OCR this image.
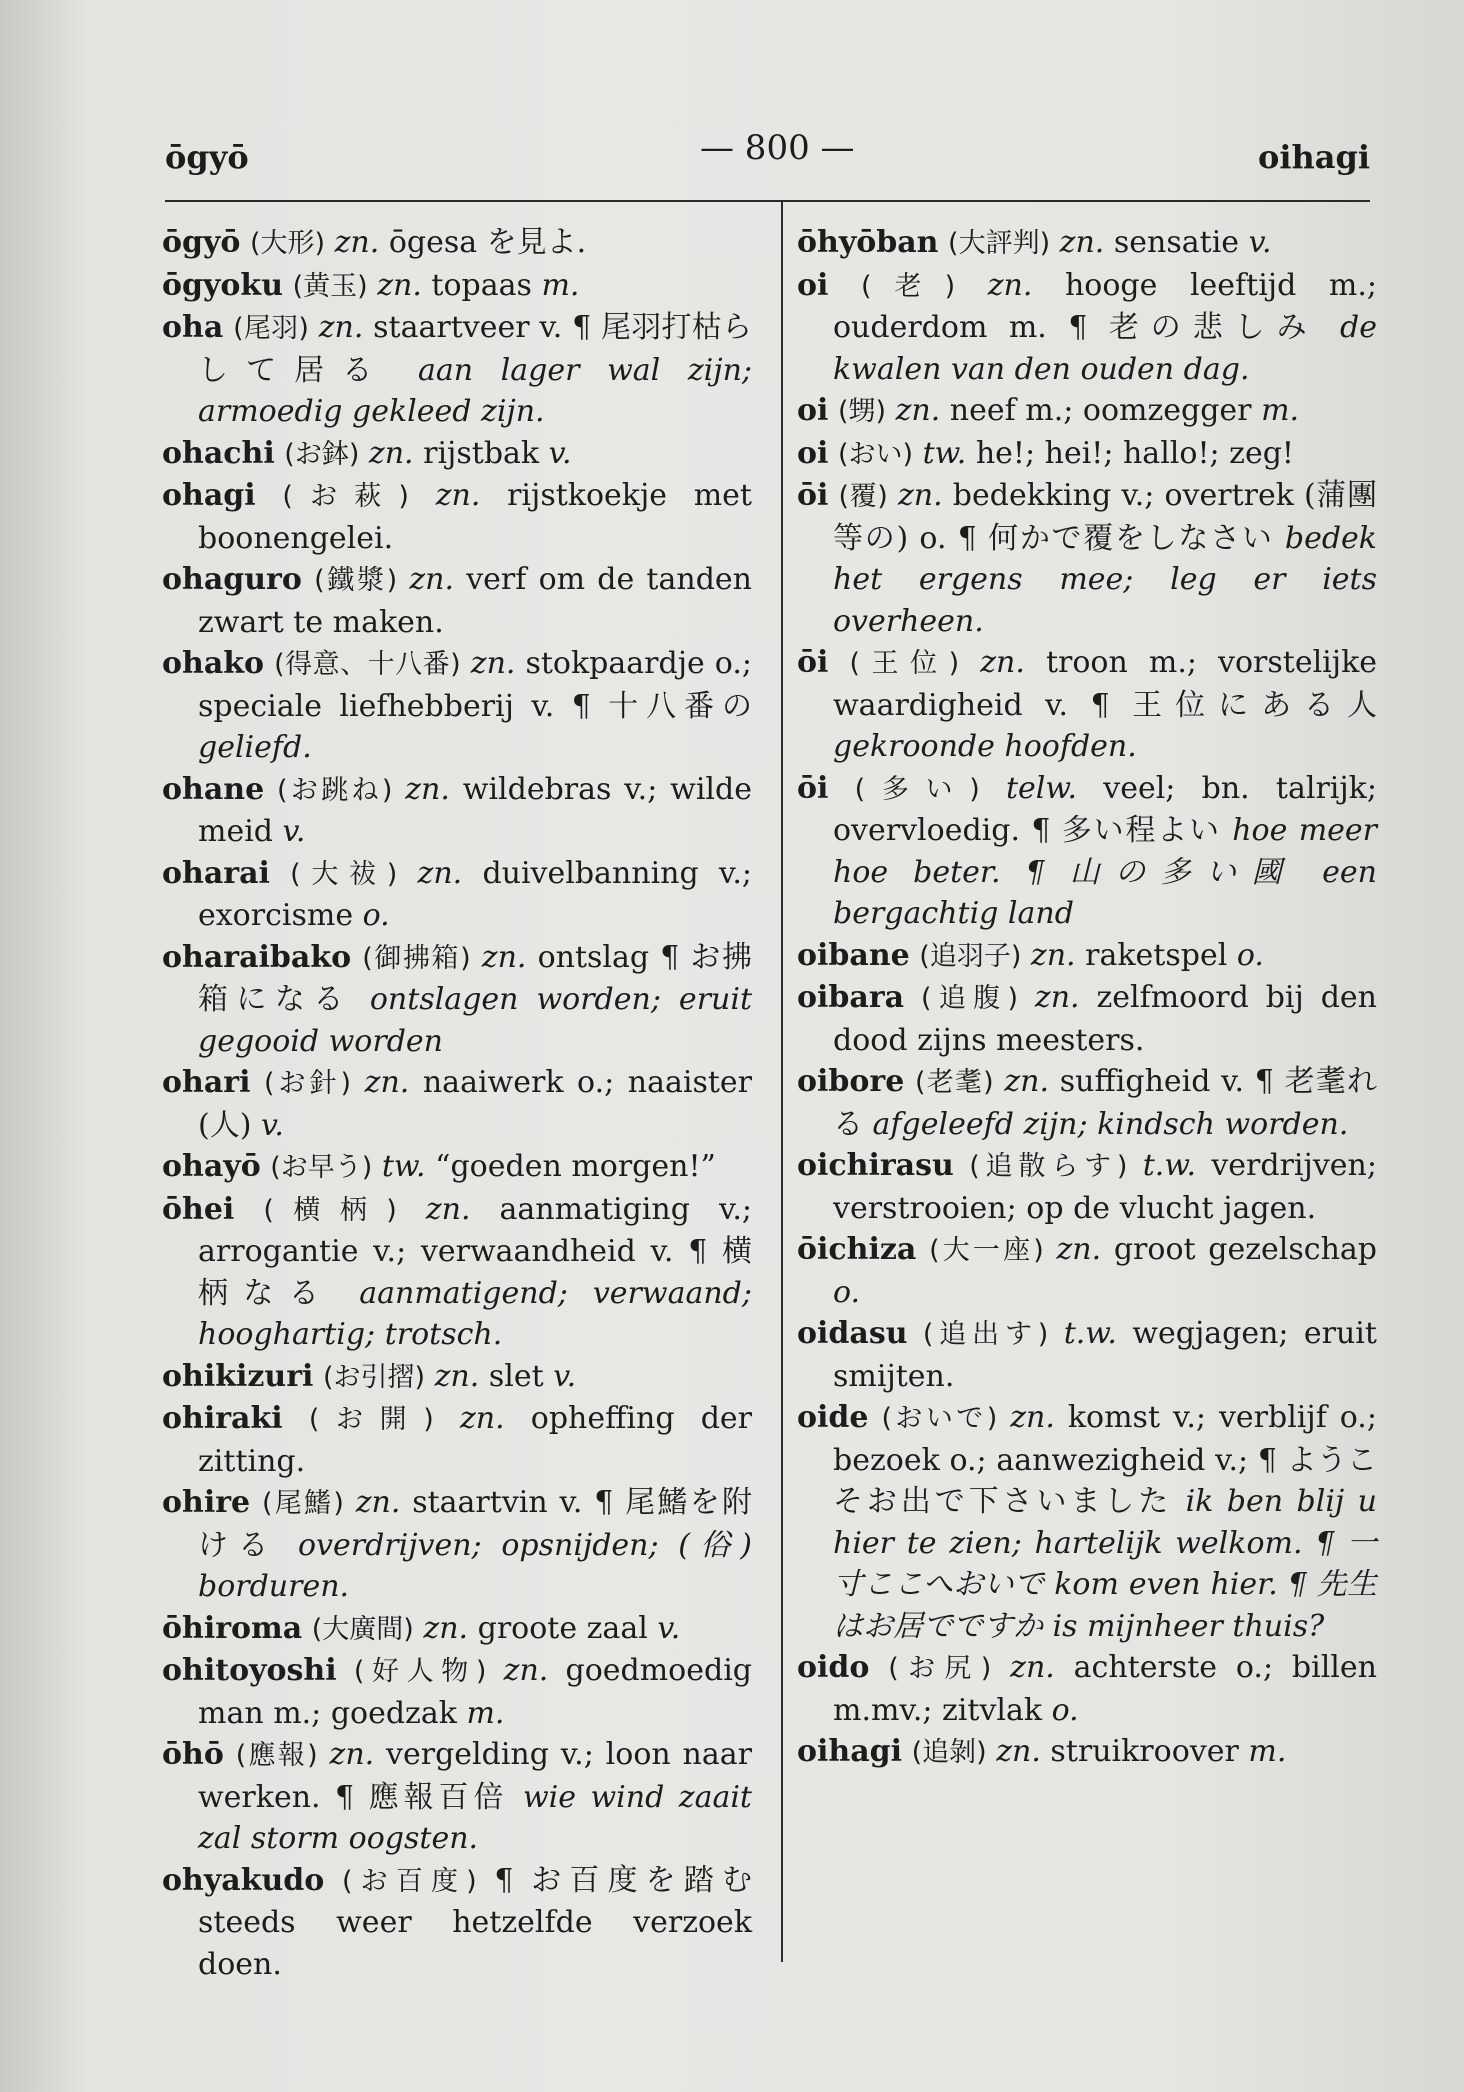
ōgyō	— 800 —	oihagi
ōgyō (大形) zn. ōgesa を見よ.
ōgyoku (黄玉) zn. topaas m.
oha (尾羽) zn. staartveer v. ¶ 尾羽打枯らして居る aan lager wal zijn; armoedig gekleed zijn.
ohachi (お鉢) zn. rijstbak v.
ohagi (お萩) zn. rijstkoekje met boonengelei.
ohaguro (鐵漿) zn. verf om de tanden zwart te maken.
ohako (得意、十八番) zn. stokpaardje o.; speciale liefhebberij v. ¶ 十八番の geliefd.
ohane (お跳ね) zn. wildebras v.; wilde meid v.
oharai (大祓) zn. duivelbanning v.; exorcisme o.
oharaibako (御拂箱) zn. ontslag ¶ お拂箱になる ontslagen worden; eruit gegooid worden
ohari (お針) zn. naaiwerk o.; naaister (人) v.
ohayō (お早う) tw. “goeden morgen!”
ōhei (横柄) zn. aanmatiging v.; arrogantie v.; verwaandheid v. ¶ 横柄なる aanmatigend; verwaand; hooghartig; trotsch.
ohikizuri (お引摺) zn. slet v.
ohiraki (お開) zn. opheffing der zitting.
ohire (尾鰭) zn. staartvin v. ¶ 尾鰭を附ける overdrijven; opsnijden; (俗) borduren.
ōhiroma (大廣間) zn. groote zaal v.
ohitoyoshi (好人物) zn. goedmoedig man m.; goedzak m.
ōhō (應報) zn. vergelding v.; loon naar werken. ¶ 應報百倍 wie wind zaait zal storm oogsten.
ohyakudo (お百度) ¶ お百度を踏む steeds weer hetzelfde verzoek doen.
ōhyōban (大評判) zn. sensatie v.
oi (老) zn. hooge leeftijd m.; ouderdom m. ¶ 老の悲しみ de kwalen van den ouden dag.
oi (甥) zn. neef m.; oomzegger m.
oi (おい) tw. he!; hei!; hallo!; zeg!
ōi (覆) zn. bedekking v.; overtrek (蒲團等の) o. ¶ 何かで覆をしなさい bedek het ergens mee; leg er iets overheen.
ōi (王位) zn. troon m.; vorstelijke waardigheid v. ¶ 王位にある人 gekroonde hoofden.
ōi (多い) telw. veel; bn. talrijk; overvloedig. ¶ 多い程よい hoe meer hoe beter. ¶ 山の多い國 een bergachtig land
oibane (追羽子) zn. raketspel o.
oibara (追腹) zn. zelfmoord bij den dood zijns meesters.
oibore (老耄) zn. suffigheid v. ¶ 老耄れる afgeleefd zijn; kindsch worden.
oichirasu (追散らす) t.w. verdrijven; verstrooien; op de vlucht jagen.
ōichiza (大一座) zn. groot gezelschap o.
oidasu (追出す) t.w. wegjagen; eruit smijten.
oide (おいで) zn. komst v.; verblijf o.; bezoek o.; aanwezigheid v.; ¶ ようこそお出で下さいました ik ben blij u hier te zien; hartelijk welkom. ¶ 一寸ここへおいで kom even hier. ¶ 先生はお居でですか is mijnheer thuis?
oido (お尻) zn. achterste o.; billen m.mv.; zitvlak o.
oihagi (追剝) zn. struikroover m.
